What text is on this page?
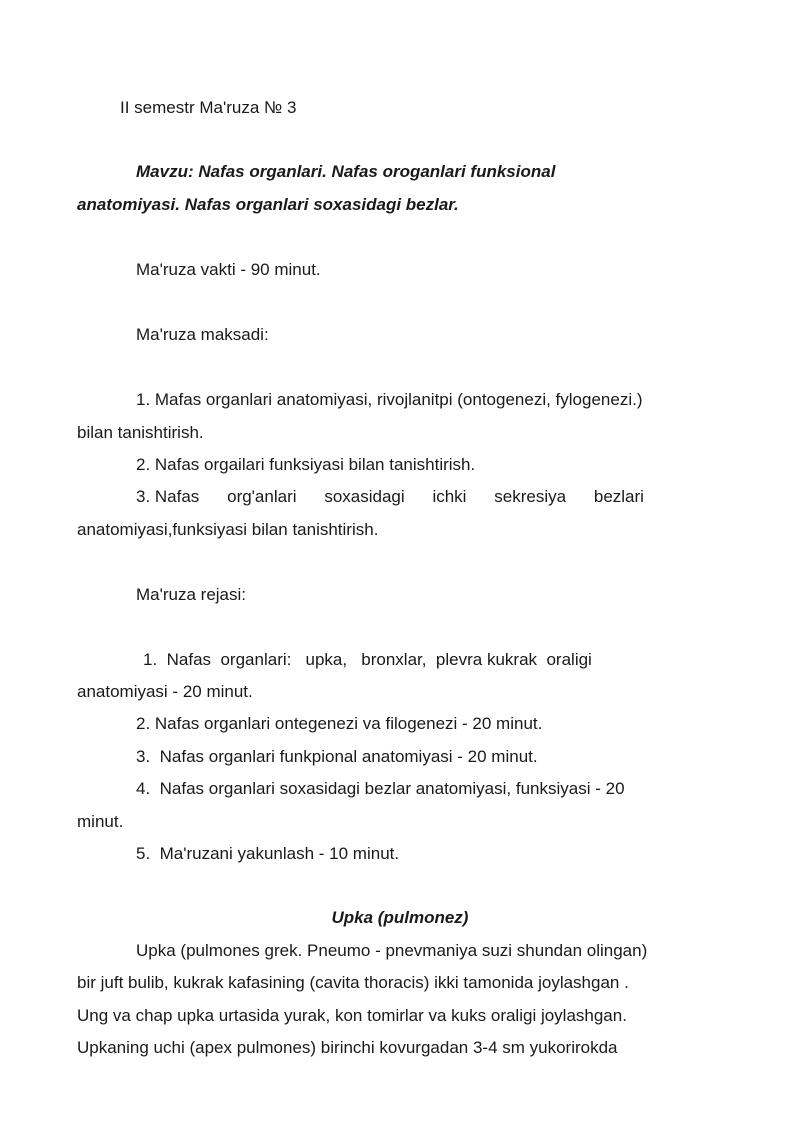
II semestr Ma'ruza № 3
Mavzu: Nafas organlari. Nafas oroganlari funksional
anatomiyasi. Nafas organlari soxasidagi bezlar.
Ma'ruza vakti - 90 minut.
Ma'ruza maksadi:
1. Mafas organlari anatomiyasi, rivojlanitpi (ontogenezi, fylogenezi.)
bilan tanishtirish.
2. Nafas orgailari funksiyasi bilan tanishtirish.
3. Nafas org'anlari soxasidagi ichki sekresiya bezlari
anatomiyasi,funksiyasi bilan tanishtirish.
Ma'ruza rejasi:
1.  Nafas  organlari:   upka,   bronxlar,  plevra kukrak  oraligi
anatomiyasi - 20 minut.
2. Nafas organlari ontegenezi va filogenezi - 20 minut.
3.  Nafas organlari funkpional anatomiyasi - 20 minut.
4.  Nafas organlari soxasidagi bezlar anatomiyasi, funksiyasi - 20
minut.
5.  Ma'ruzani yakunlash - 10 minut.
Upka (pulmonez)
Upka (pulmones grek. Pneumo - pnevmaniya suzi shundan olingan)
bir juft bulib, kukrak kafasining (cavita thoracis) ikki tamonida joylashgan .
Ung va chap upka urtasida yurak, kon tomirlar va kuks oraligi joylashgan.
Upkaning uchi (apex pulmones) birinchi kovurgadan 3-4 sm yukorirokda
